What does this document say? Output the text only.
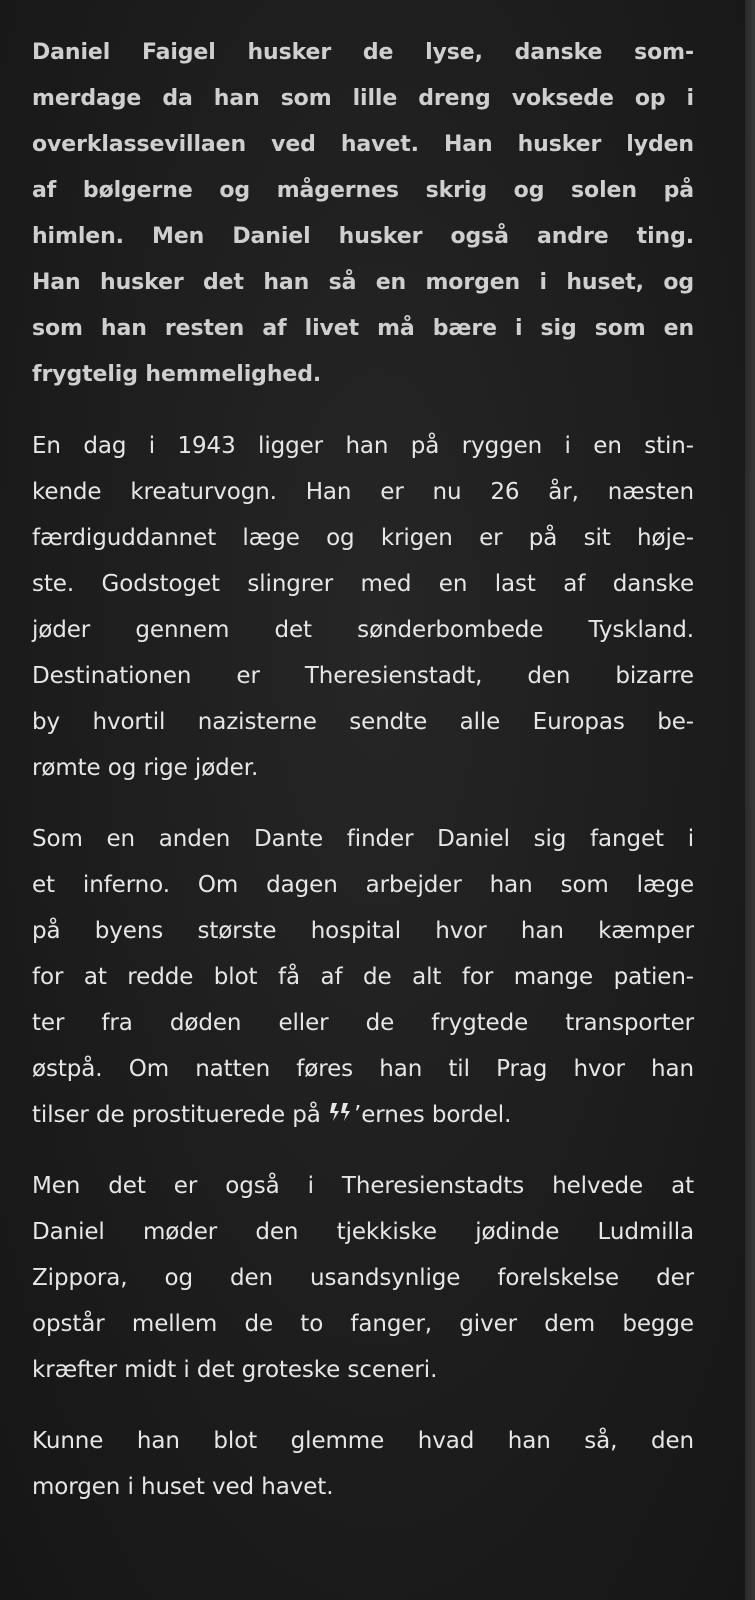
Daniel Faigel husker de lyse, danske som-
merdage da han som lille dreng voksede op i
overklassevillaen ved havet. Han husker lyden
af bølgerne og mågernes skrig og solen på
himlen. Men Daniel husker også andre ting.
Han husker det han så en morgen i huset, og
som han resten af livet må bære i sig som en
frygtelig hemmelighed.
En dag i 1943 ligger han på ryggen i en stin-
kende kreaturvogn. Han er nu 26 år, næsten
færdiguddannet læge og krigen er på sit høje-
ste. Godstoget slingrer med en last af danske
jøder gennem det sønderbombede Tyskland.
Destinationen er Theresienstadt, den bizarre
by hvortil nazisterne sendte alle Europas be-
rømte og rige jøder.
Som en anden Dante finder Daniel sig fanget i
et inferno. Om dagen arbejder han som læge
på byens største hospital hvor han kæmper
for at redde blot få af de alt for mange patien-
ter fra døden eller de frygtede transporter
østpå. Om natten føres han til Prag hvor han
tilser de prostituerede på ’ernes bordel.
Men det er også i Theresienstadts helvede at
Daniel møder den tjekkiske jødinde Ludmilla
Zippora, og den usandsynlige forelskelse der
opstår mellem de to fanger, giver dem begge
kræfter midt i det groteske sceneri.
Kunne han blot glemme hvad han så, den
morgen i huset ved havet.
